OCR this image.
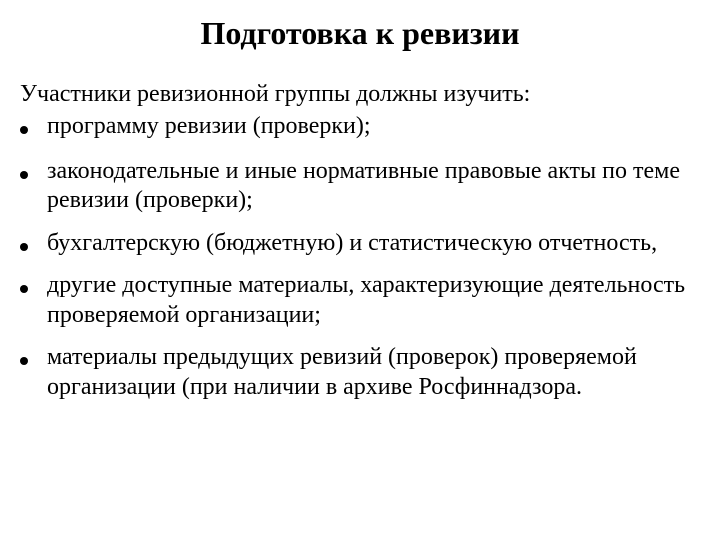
Подготовка к ревизии
Участники ревизионной группы должны изучить:
программу ревизии (проверки);
законодательные и иные нормативные правовые акты по теме ревизии (проверки);
бухгалтерскую (бюджетную) и статистическую отчетность,
другие доступные материалы, характеризующие деятельность проверяемой организации;
материалы предыдущих ревизий (проверок) проверяемой организации (при наличии в архиве Росфиннадзора.
